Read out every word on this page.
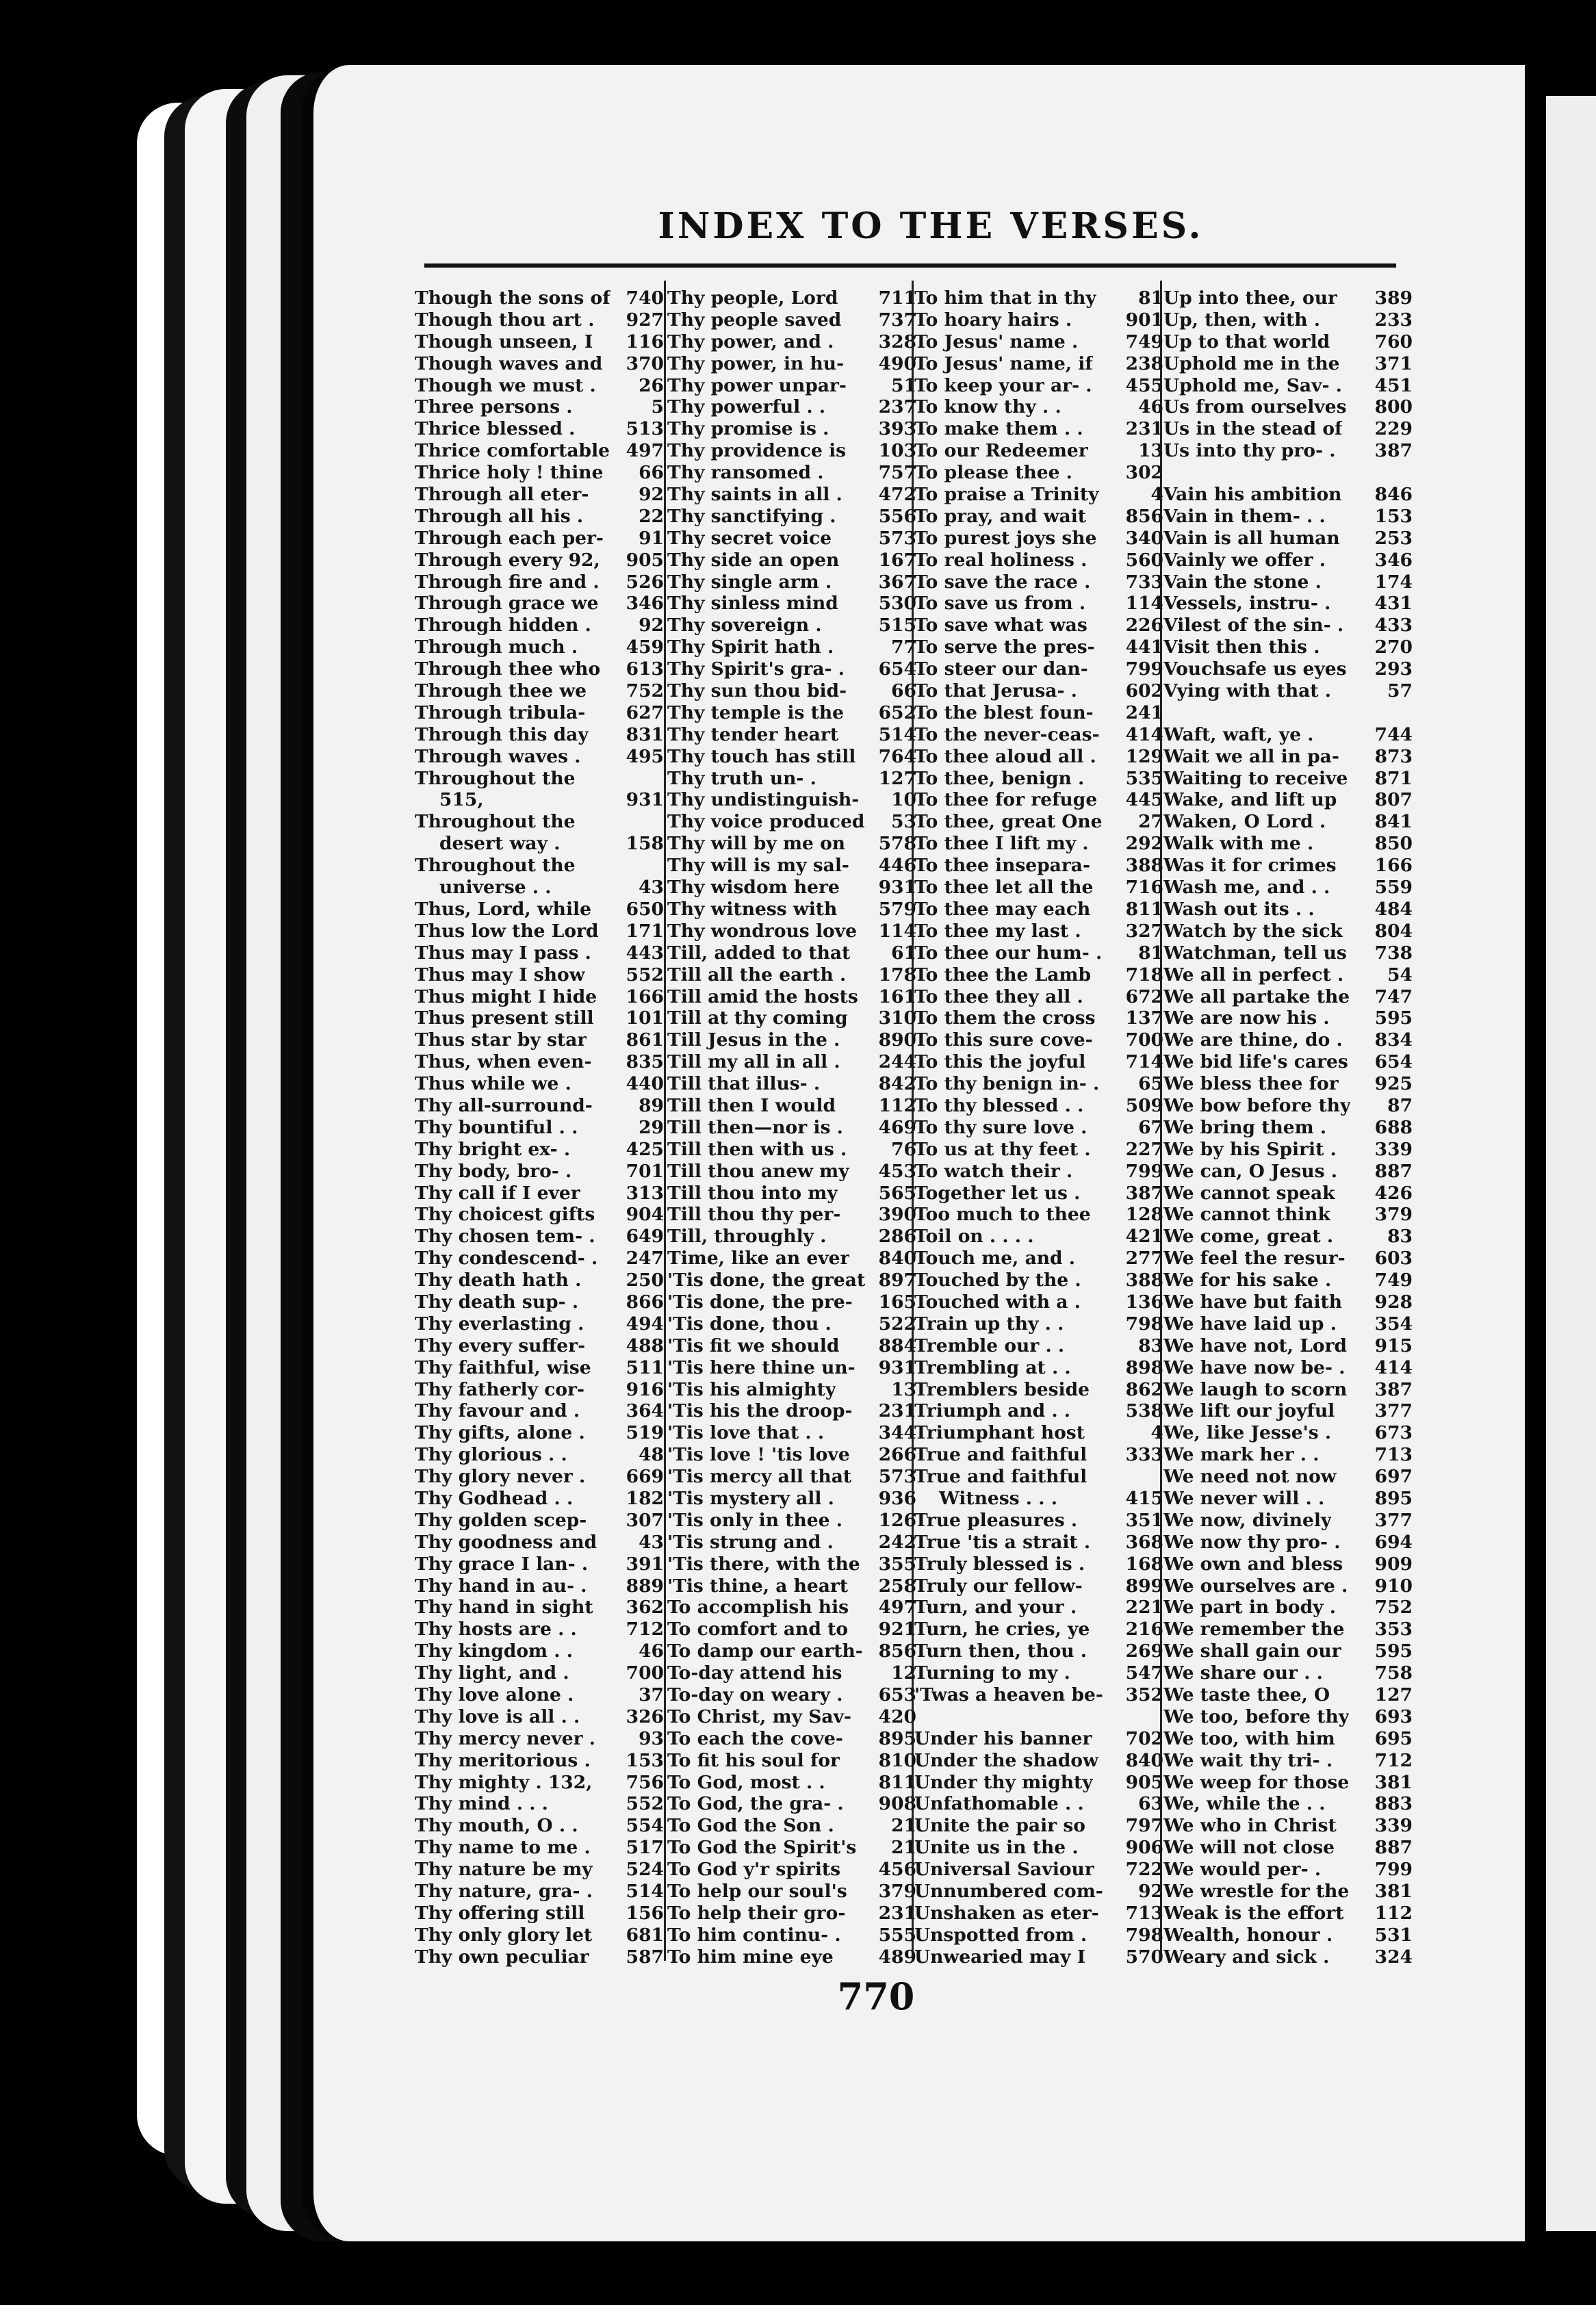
INDEX TO THE VERSES.
Though the sons of 740
Though thou art . 927
Though unseen, I 116
Though waves and 370
Though we must . 26
Three persons .	5
Thrice blessed .	513
Thrice comfortable 497
Thrice holy ! thine 66
Through all eter-	92
Through all his .	22
Through each per- 91
Through every 92, 905
Through fire and . 526
Through grace we 346
Through hidden .	92
Through much .	459
Through thee who 613
Through thee we 752
Through tribula- 627
Through this day 831
Through waves . 495
Throughout the
515,	931
Throughout the
desert way .	158
Throughout the
universe . .	43
Thus, Lord, while 650
Thus low the Lord 171
Thus may I pass . 443
Thus may I show 552
Thus might I hide 166
Thus present still 101
Thus star by star 861
Thus, when even- 835
Thus while we .	440
Thy all-surround-	89
Thy bountiful . .	29
Thy bright ex- .	425
Thy body, bro- .	701
Thy call if I ever	313
Thy choicest gifts 904
Thy chosen tem- . 649
Thy condescend- . 247
Thy death hath . 250
Thy death sup- .	866
Thy everlasting . 494
Thy every suffer- 488
Thy faithful, wise 511
Thy fatherly cor- 916
Thy favour and .	364
Thy gifts, alone . 519
Thy glorious . .	48
Thy glory never . 669
Thy Godhead . .	182
Thy golden scep- 307
Thy goodness and 43
Thy grace I lan- . 391
Thy hand in au- . 889
Thy hand in sight 362
Thy hosts are . .	712
Thy kingdom . .	46
Thy light, and .	700
Thy love alone .	37
Thy love is all . .	326
Thy mercy never . 93
Thy meritorious . 153
Thy mighty . 132, 756
Thy mind . . .	552
Thy mouth, O . .	554
Thy name to me . 517
Thy nature be my 524
Thy nature, gra- . 514
Thy offering still 156
Thy only glory let 681
Thy own peculiar 587
Thy people, Lord 711
Thy people saved 737
Thy power, and . 328
Thy power, in hu- 490
Thy power unpar- 51
Thy powerful . .	237
Thy promise is .	393
Thy providence is 103
Thy ransomed .	757
Thy saints in all . 472
Thy sanctifying . 556
Thy secret voice	573
Thy side an open 167
Thy single arm .	367
Thy sinless mind 530
Thy sovereign .	515
Thy Spirit hath .	77
Thy Spirit's gra- . 654
Thy sun thou bid- 66
Thy temple is the 652
Thy tender heart 514
Thy touch has still 764
Thy truth un- .	127
Thy undistinguish- 10
Thy voice produced 53
Thy will by me on 578
Thy will is my sal- 446
Thy wisdom here 931
Thy witness with 579
Thy wondrous love 114
Till, added to that 61
Till all the earth . 178
Till amid the hosts 161
Till at thy coming 310
Till Jesus in the . 890
Till my all in all . 244
Till that illus- .	842
Till then I would 112
Till then—nor is . 469
Till then with us . 76
Till thou anew my 453
Till thou into my 565
Till thou thy per- 390
Till, throughly .	286
Time, like an ever 840
'Tis done, the great 897
'Tis done, the pre- 165
'Tis done, thou .	522
'Tis fit we should 884
'Tis here thine un- 931
'Tis his almighty	13
'Tis his the droop- 231
'Tis love that . .	344
'Tis love ! 'tis love 266
'Tis mercy all that 573
'Tis mystery all . 936
'Tis only in thee . 126
'Tis strung and . 242
'Tis there, with the 355
'Tis thine, a heart 258
To accomplish his 497
To comfort and to 921
To damp our earth- 856
To-day attend his	12
To-day on weary . 653
To Christ, my Sav- 420
To each the cove- 895
To fit his soul for 810
To God, most . .	811
To God, the gra- . 908
To God the Son .	21
To God the Spirit's 21
To God y'r spirits 456
To help our soul's 379
To help their gro- 231
To him continu- . 555
To him mine eye 489
To him that in thy 81
To hoary hairs .	901
To Jesus' name .	749
To Jesus' name, if 238
To keep your ar- . 455
To know thy . .	46
To make them . . 231
To our Redeemer	13
To please thee .	302
To praise a Trinity	4
To pray, and wait 856
To purest joys she 340
To real holiness . 560
To save the race . 733
To save us from . 114
To save what was 226
To serve the pres- 441
To steer our dan- 799
To that Jerusa- .	602
To the blest foun- 241
To the never-ceas- 414
To thee aloud all . 129
To thee, benign . 535
To thee for refuge 445
To thee, great One 27
To thee I lift my . 292
To thee insepara- 388
To thee let all the 716
To thee may each 811
To thee my last . 327
To thee our hum- . 81
To thee the Lamb 718
To thee they all . 672
To them the cross 137
To this sure cove- 700
To this the joyful 714
To thy benign in- . 65
To thy blessed . . 509
To thy sure love .	67
To us at thy feet . 227
To watch their .	799
Together let us .	387
Too much to thee 128
Toil on . . . .	421
Touch me, and .	277
Touched by the . 388
Touched with a . 136
Train up thy . .	798
Tremble our . .	83
Trembling at . .	898
Tremblers beside 862
Triumph and . .	538
Triumphant host	4
True and faithful 333
True and faithful
Witness . . .	415
True pleasures .	351
True 'tis a strait . 368
Truly blessed is . 168
Truly our fellow- 899
Turn, and your .	221
Turn, he cries, ye 216
Turn then, thou . 269
Turning to my .	547
'Twas a heaven be- 352
Under his banner 702
Under the shadow 840
Under thy mighty 905
Unfathomable . .	63
Unite the pair so 797
Unite us in the .	906
Universal Saviour 722
Unnumbered com- 92
Unshaken as eter- 713
Unspotted from . 798
Unwearied may I 570
Up into thee, our 389
Up, then, with .	233
Up to that world 760
Uphold me in the 371
Uphold me, Sav- . 451
Us from ourselves 800
Us in the stead of 229
Us into thy pro- . 387
Vain his ambition 846
Vain in them- . .	153
Vain is all human 253
Vainly we offer .	346
Vain the stone .	174
Vessels, instru- . 431
Vilest of the sin- . 433
Visit then this .	270
Vouchsafe us eyes 293
Vying with that .	57
Waft, waft, ye .	744
Wait we all in pa- 873
Waiting to receive 871
Wake, and lift up 807
Waken, O Lord .	841
Walk with me .	850
Was it for crimes 166
Wash me, and . . 559
Wash out its . .	484
Watch by the sick 804
Watchman, tell us 738
We all in perfect . 54
We all partake the 747
We are now his . 595
We are thine, do . 834
We bid life's cares 654
We bless thee for 925
We bow before thy 87
We bring them .	688
We by his Spirit . 339
We can, O Jesus . 887
We cannot speak 426
We cannot think 379
We come, great .	83
We feel the resur- 603
We for his sake . 749
We have but faith 928
We have laid up . 354
We have not, Lord 915
We have now be- . 414
We laugh to scorn 387
We lift our joyful 377
We, like Jesse's . 673
We mark her . .	713
We need not now 697
We never will . .	895
We now, divinely 377
We now thy pro- . 694
We own and bless 909
We ourselves are . 910
We part in body . 752
We remember the 353
We shall gain our 595
We share our . .	758
We taste thee, O 127
We too, before thy 693
We too, with him 695
We wait thy tri- . 712
We weep for those 381
We, while the . .	883
We who in Christ 339
We will not close 887
We would per- .	799
We wrestle for the 381
Weak is the effort 112
Wealth, honour . 531
Weary and sick .	324
770
